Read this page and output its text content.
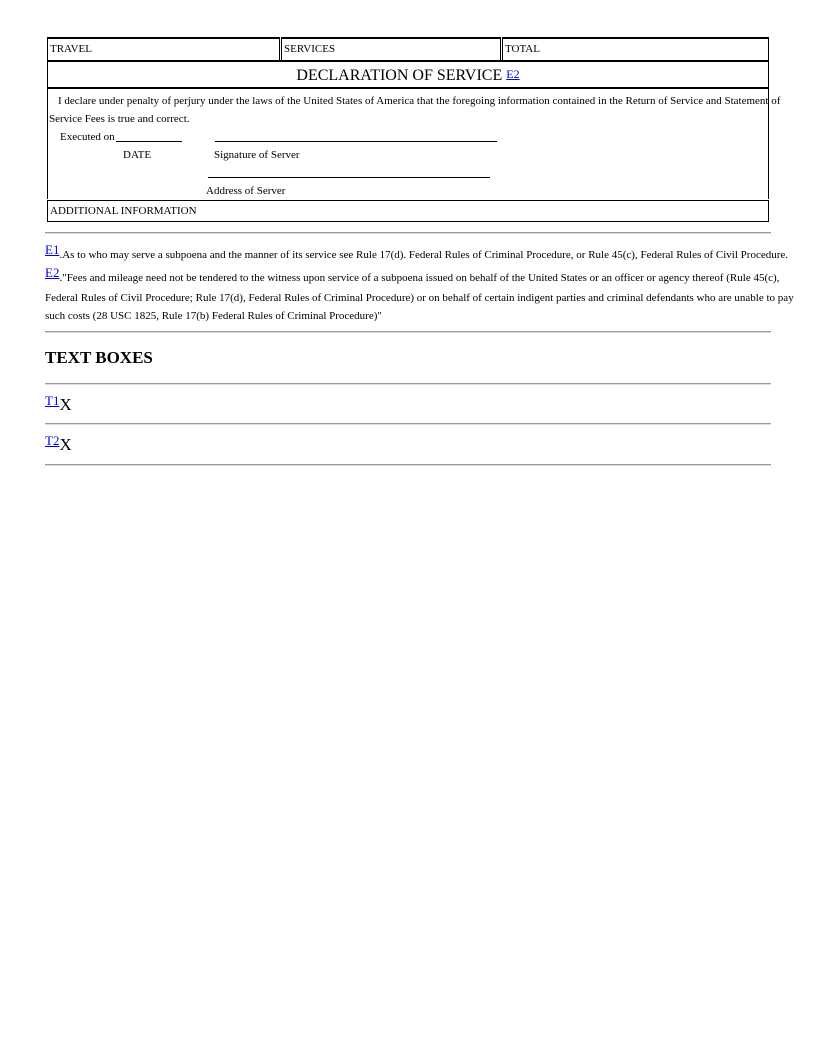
TRAVEL	SERVICES	TOTAL
DECLARATION OF SERVICE $^{E2}$
I declare under penalty of perjury under the laws of the United States of America that the foregoing information contained in the Return of Service and Statement of
Service Fees is true and correct.
Executed on
DATE	Signature of Server
Address of Server
ADDITIONAL INFORMATION
E1.As to who may serve a subpoena and the manner of its service see Rule 17(d). Federal Rules of Criminal Procedure, or Rule 45(c), Federal Rules of Civil Procedure.
E2."Fees and mileage need not be tendered to the witness upon service of a subpoena issued on behalf of the United States or an officer or agency thereof (Rule 45(c),
Federal Rules of Civil Procedure; Rule 17(d), Federal Rules of Criminal Procedure) or on behalf of certain indigent parties and criminal defendants who are unable to pay
such costs (28 USC 1825, Rule 17(b) Federal Rules of Criminal Procedure)"
TEXT BOXES
$^{T1}$X
$^{T2}$X
